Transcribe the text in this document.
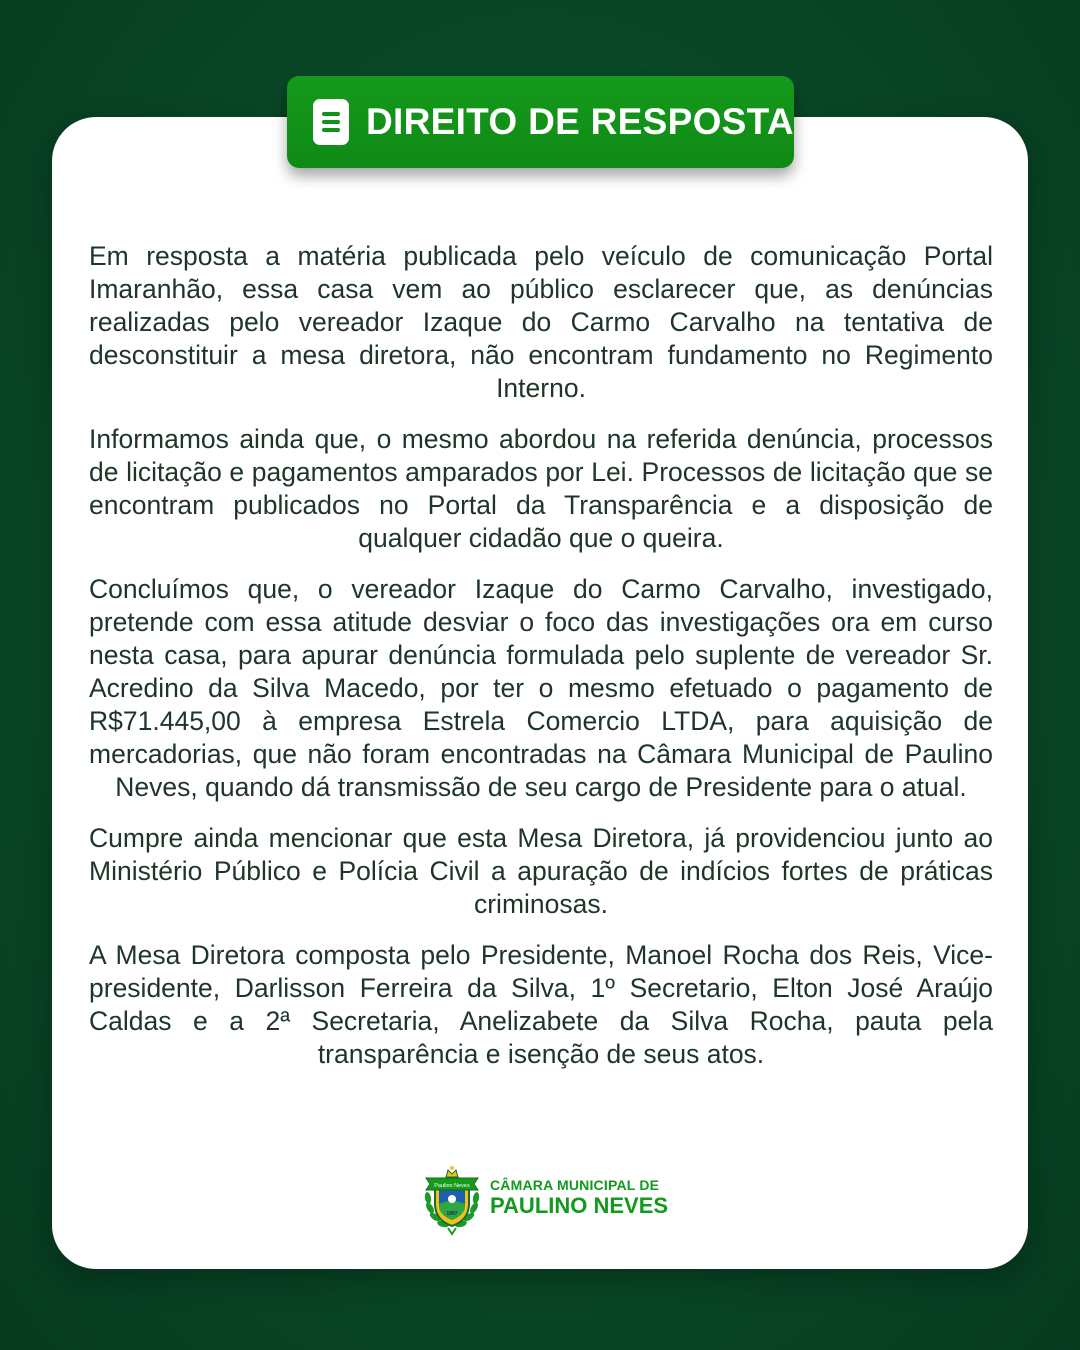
DIREITO DE RESPOSTA

Em resposta a matéria publicada pelo veículo de comunicação Portal Imaranhão, essa casa vem ao público esclarecer que, as denúncias realizadas pelo vereador Izaque do Carmo Carvalho na tentativa de desconstituir a mesa diretora, não encontram fundamento no Regimento Interno.

Informamos ainda que, o mesmo abordou na referida denúncia, processos de licitação e pagamentos amparados por Lei. Processos de licitação que se encontram publicados no Portal da Transparência e a disposição de qualquer cidadão que o queira.

Concluímos que, o vereador Izaque do Carmo Carvalho, investigado, pretende com essa atitude desviar o foco das investigações ora em curso nesta casa, para apurar denúncia formulada pelo suplente de vereador Sr. Acredino da Silva Macedo, por ter o mesmo efetuado o pagamento de R$71.445,00 à empresa Estrela Comercio LTDA, para aquisição de mercadorias, que não foram encontradas na Câmara Municipal de Paulino Neves, quando dá transmissão de seu cargo de Presidente para o atual.

Cumpre ainda mencionar que esta Mesa Diretora, já providenciou junto ao Ministério Público e Polícia Civil a apuração de indícios fortes de práticas criminosas.

A Mesa Diretora composta pelo Presidente, Manoel Rocha dos Reis, Vice-presidente, Darlisson Ferreira da Silva, 1º Secretario, Elton José Araújo Caldas e a 2ª Secretaria, Anelizabete da Silva Rocha, pauta pela transparência e isenção de seus atos.

Paulino Neves
1997
CÂMARA MUNICIPAL DE
PAULINO NEVES
